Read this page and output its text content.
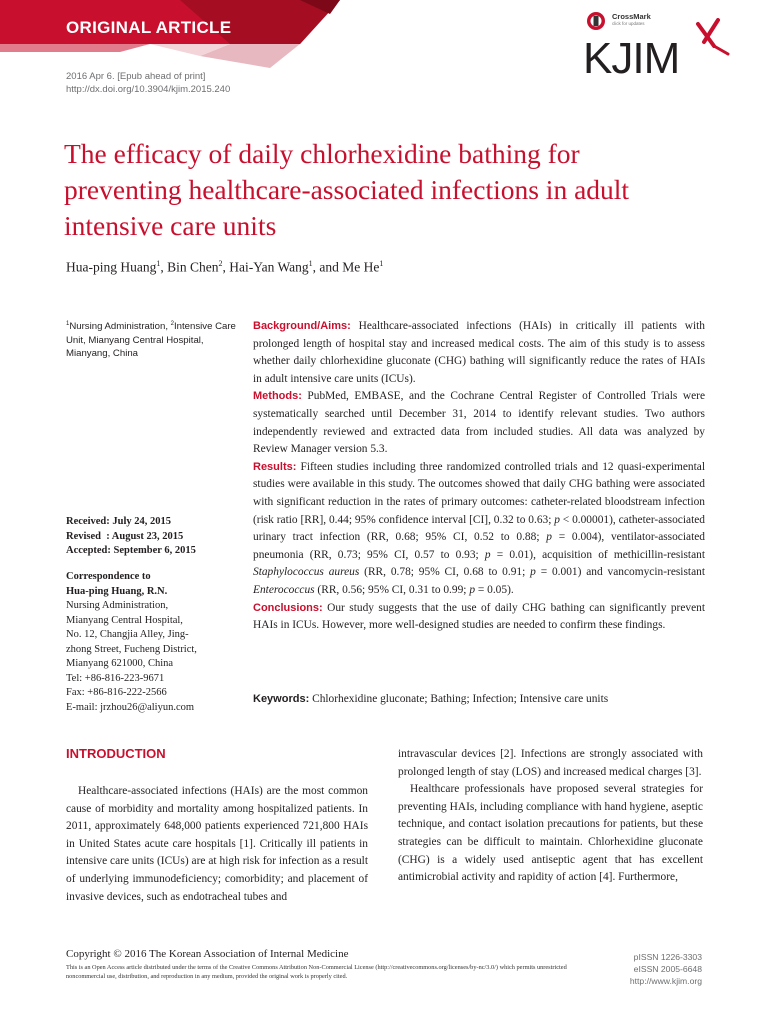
ORIGINAL ARTICLE
2016 Apr 6. [Epub ahead of print]
http://dx.doi.org/10.3904/kjim.2015.240
CrossMark
click for updates
KJIM
The efficacy of daily chlorhexidine bathing for preventing healthcare-associated infections in adult intensive care units
Hua-ping Huang$^1$, Bin Chen$^2$, Hai-Yan Wang$^1$, and Me He$^1$
$^1$Nursing Administration, $^2$Intensive Care Unit, Mianyang Central Hospital, Mianyang, China
Received: July 24, 2015
Revised  : August 23, 2015
Accepted: September 6, 2015
Correspondence to
Hua-ping Huang, R.N.
Nursing Administration,
Mianyang Central Hospital,
No. 12, Changjia Alley, Jing-
zhong Street, Fucheng District,
Mianyang 621000, China
Tel: +86-816-223-9671
Fax: +86-816-222-2566
E-mail: jrzhou26@aliyun.com
Background/Aims: Healthcare-associated infections (HAIs) in critically ill patients with prolonged length of hospital stay and increased medical costs. The aim of this study is to assess whether daily chlorhexidine gluconate (CHG) bathing will significantly reduce the rates of HAIs in adult intensive care units (ICUs).
Methods: PubMed, EMBASE, and the Cochrane Central Register of Controlled Trials were systematically searched until December 31, 2014 to identify relevant studies. Two authors independently reviewed and extracted data from included studies. All data was analyzed by Review Manager version 5.3.
Results: Fifteen studies including three randomized controlled trials and 12 quasi-experimental studies were available in this study. The outcomes showed that daily CHG bathing were associated with significant reduction in the rates of primary outcomes: catheter-related bloodstream infection (risk ratio [RR], 0.44; 95% confidence interval [CI], 0.32 to 0.63; p < 0.00001), catheter-associated urinary tract infection (RR, 0.68; 95% CI, 0.52 to 0.88; p = 0.004), ventilator-associated pneumonia (RR, 0.73; 95% CI, 0.57 to 0.93; p = 0.01), acquisition of methicillin-resistant Staphylococcus aureus (RR, 0.78; 95% CI, 0.68 to 0.91; p = 0.001) and vancomycin-resistant Enterococcus (RR, 0.56; 95% CI, 0.31 to 0.99; p = 0.05).
Conclusions: Our study suggests that the use of daily CHG bathing can significantly prevent HAIs in ICUs. However, more well-designed studies are needed to confirm these findings.
Keywords: Chlorhexidine gluconate; Bathing; Infection; Intensive care units
INTRODUCTION

Healthcare-associated infections (HAIs) are the most common cause of morbidity and mortality among hospitalized patients. In 2011, approximately 648,000 patients experienced 721,800 HAIs in United States acute care hospitals [1]. Critically ill patients in intensive care units (ICUs) are at high risk for infection as a result of underlying immunodeficiency; comorbidity; and placement of invasive devices, such as endotracheal tubes and

intravascular devices [2]. Infections are strongly associated with prolonged length of stay (LOS) and increased medical charges [3].

Healthcare professionals have proposed several strategies for preventing HAIs, including compliance with hand hygiene, aseptic technique, and contact isolation precautions for patients, but these strategies can be difficult to maintain. Chlorhexidine gluconate (CHG) is a widely used antiseptic agent that has excellent antimicrobial activity and rapidity of action [4]. Furthermore,

Copyright © 2016 The Korean Association of Internal Medicine
This is an Open Access article distributed under the terms of the Creative Commons Attribution Non-Commercial License (http://creativecommons.org/licenses/by-nc/3.0/) which permits unrestricted noncommercial use, distribution, and reproduction in any medium, provided the original work is properly cited.
pISSN 1226-3303
eISSN 2005-6648
http://www.kjim.org
